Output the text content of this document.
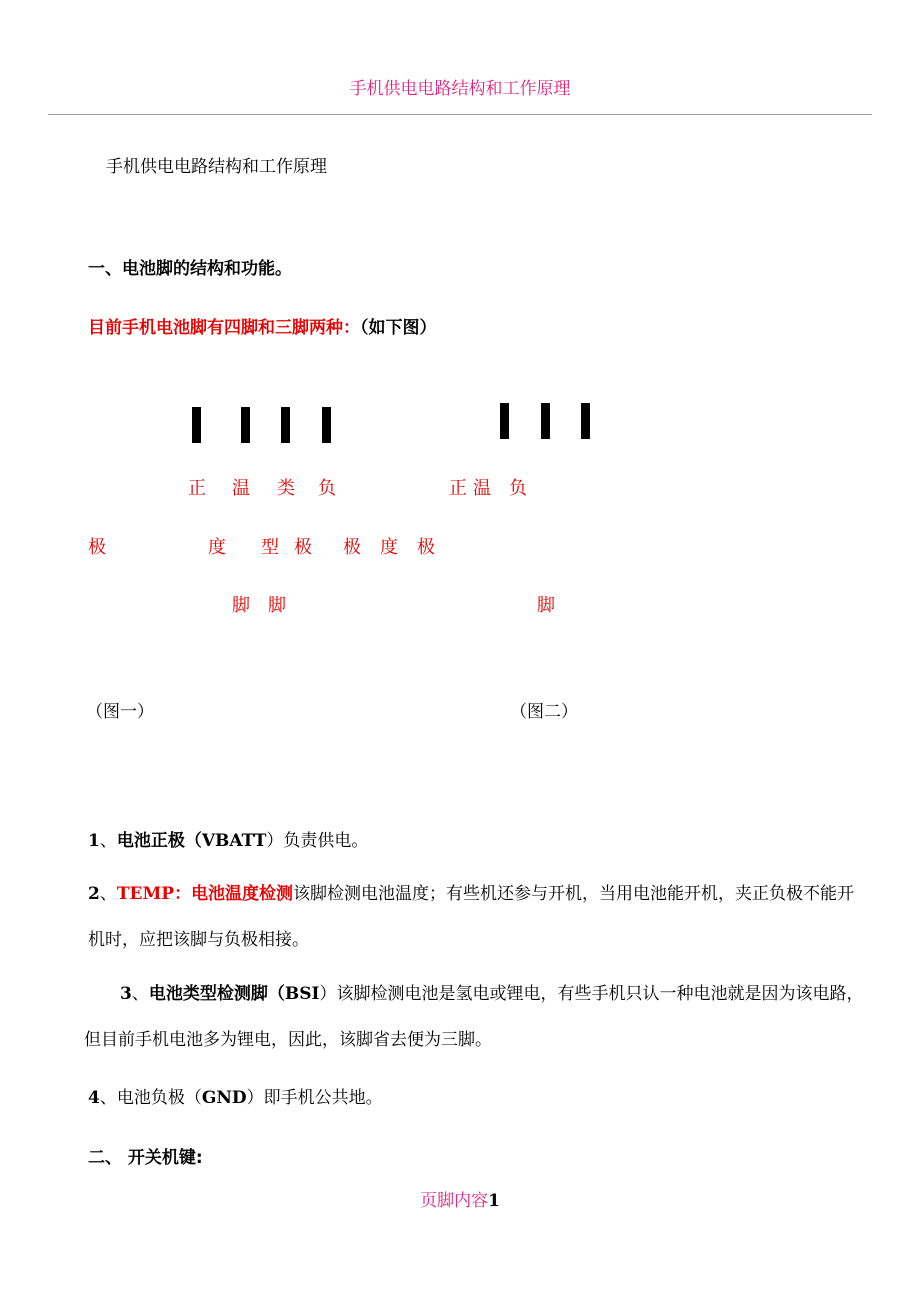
手机供电电路结构和工作原理
手机供电电路结构和工作原理
一、电池脚的结构和功能。
目前手机电池脚有四脚和三脚两种：（如下图）
正 温 类 负	正 温 负
极	度 型 极 极 度 极
脚 脚	脚
（图一）	（图二）
1、电池正极（VBATT）负责供电。
2、TEMP：电池温度检测该脚检测电池温度；有些机还参与开机，当用电池能开机，夹正负极不能开机时，应把该脚与负极相接。
3、电池类型检测脚（BSI）该脚检测电池是氢电或锂电，有些手机只认一种电池就是因为该电路，但目前手机电池多为锂电，因此，该脚省去便为三脚。
4、电池负极（GND）即手机公共地。
二、 开关机键:
页脚内容1
